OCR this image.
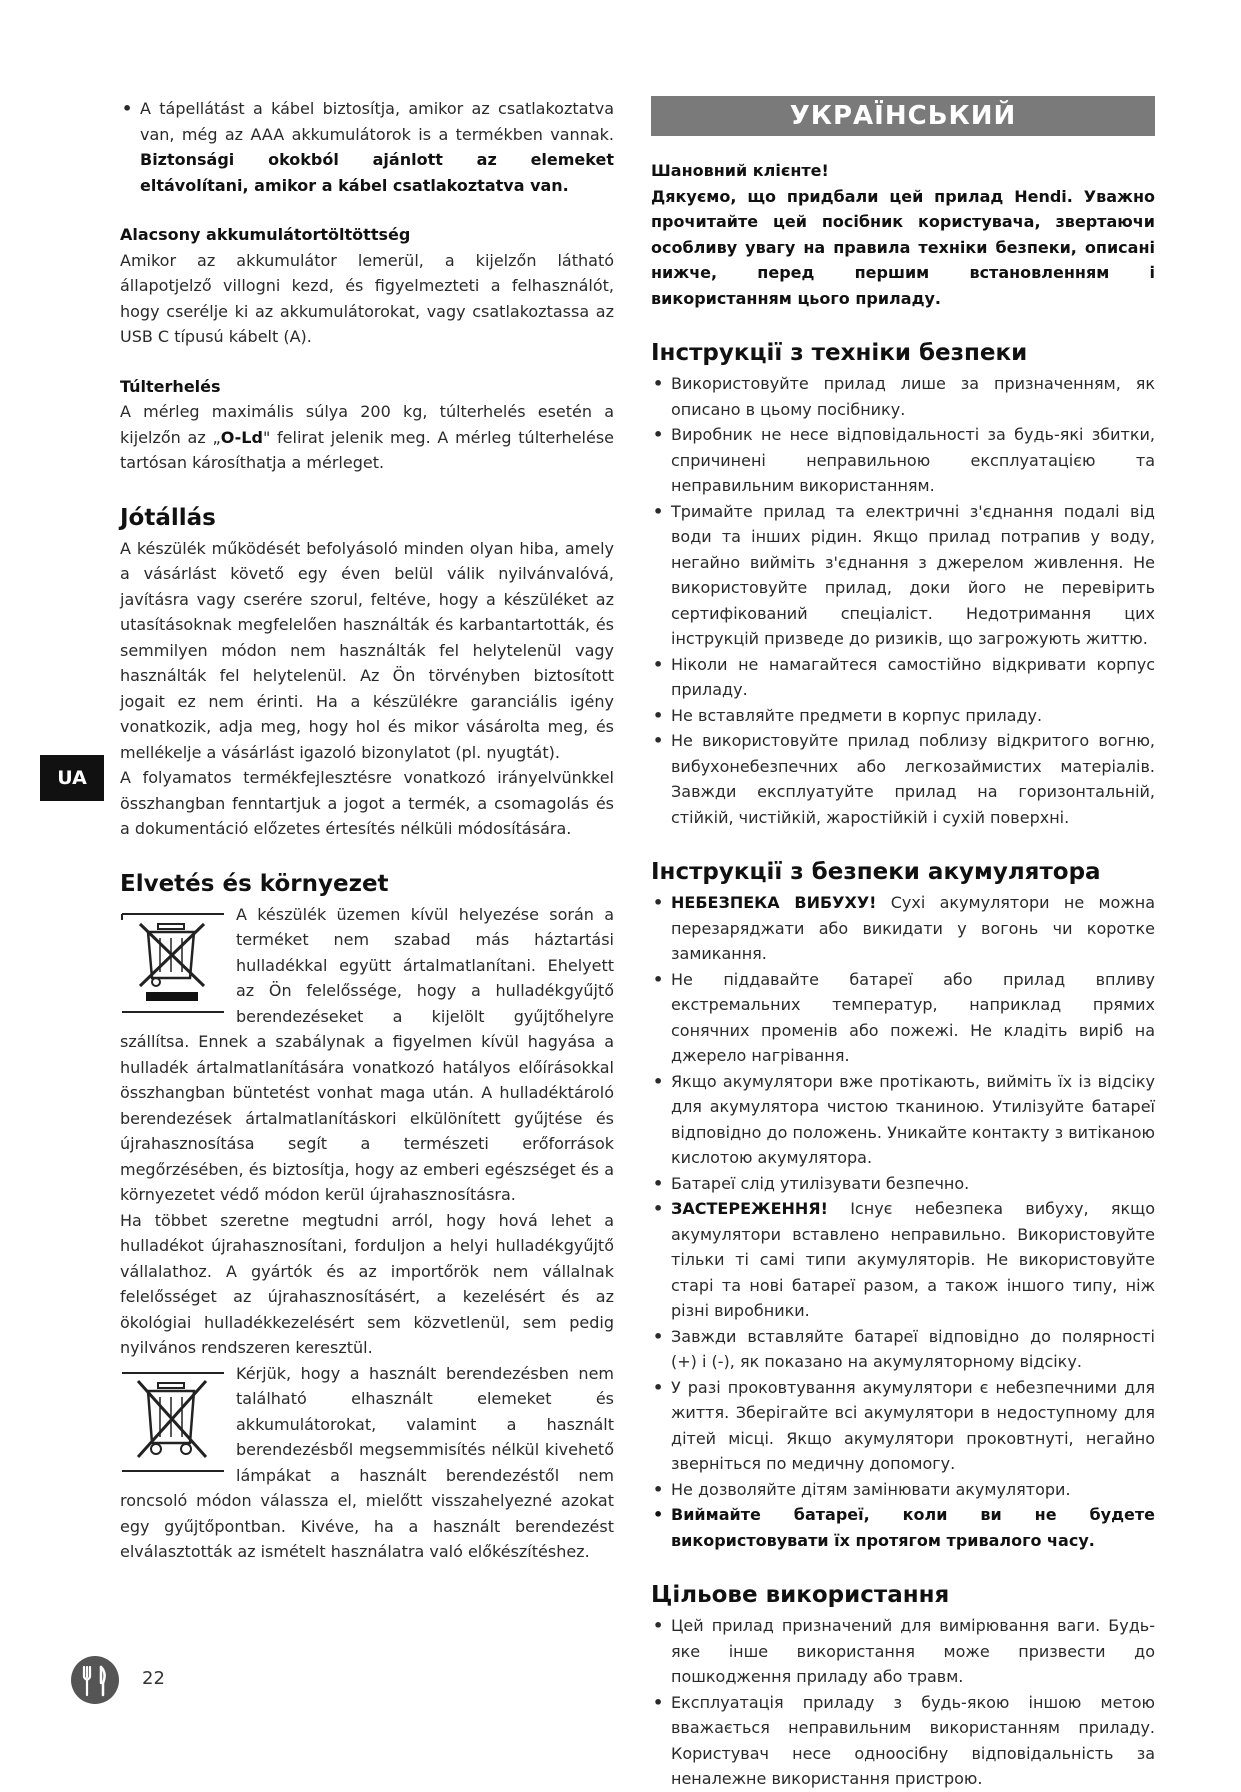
• A tápellátást a kábel biztosítja, amikor az csatlakoztatva van, még az AAA akkumulátorok is a termékben vannak. Biztonsági okokból ajánlott az elemeket eltávolítani, amikor a kábel csatlakoztatva van.

Alacsony akkumulátortöltöttség

Amikor az akkumulátor lemerül, a kijelzőn látható állapotjelző villogni kezd, és figyelmezteti a felhasználót, hogy cserélje ki az akkumulátorokat, vagy csatlakoztassa az USB C típusú kábelt (A).

Túlterhelés

A mérleg maximális súlya 200 kg, túlterhelés esetén a kijelzőn az „O-Ld" felirat jelenik meg. A mérleg túlterhelése tartósan károsíthatja a mérleget.

Jótállás

A készülék működését befolyásoló minden olyan hiba, amely a vásárlást követő egy éven belül válik nyilvánvalóvá, javításra vagy cserére szorul, feltéve, hogy a készüléket az utasításoknak megfelelően használták és karbantartották, és semmilyen módon nem használták fel helytelenül vagy használták fel helytelenül. Az Ön törvényben biztosított jogait ez nem érinti. Ha a készülékre garanciális igény vonatkozik, adja meg, hogy hol és mikor vásárolta meg, és mellékelje a vásárlást igazoló bizonylatot (pl. nyugtát).

A folyamatos termékfejlesztésre vonatkozó irányelvünkkel összhangban fenntartjuk a jogot a termék, a csomagolás és a dokumentáció előzetes értesítés nélküli módosítására.

Elvetés és környezet

A készülék üzemen kívül helyezése során a terméket nem szabad más háztartási hulladékkal együtt ártalmatlanítani. Ehelyett az Ön felelőssége, hogy a hulladékgyűjtő berendezéseket a kijelölt gyűjtőhelyre szállítsa. Ennek a szabálynak a figyelmen kívül hagyása a hulladék ártalmatlanítására vonatkozó hatályos előírásokkal összhangban büntetést vonhat maga után. A hulladéktároló berendezések ártalmatlanításkori elkülönített gyűjtése és újrahasznosítása segít a természeti erőforrások megőrzésében, és biztosítja, hogy az emberi egészséget és a környezetet védő módon kerül újrahasznosításra.

Ha többet szeretne megtudni arról, hogy hová lehet a hulladékot újrahasznosítani, forduljon a helyi hulladékgyűjtő vállalathoz. A gyártók és az importőrök nem vállalnak felelősséget az újrahasznosításért, a kezelésért és az ökológiai hulladékkezelésért sem közvetlenül, sem pedig nyilvános rendszeren keresztül.

Kérjük, hogy a használt berendezésben nem található elhasznált elemeket és akkumulátorokat, valamint a használt berendezésből megsemmisítés nélkül kivehető lámpákat a használt berendezéstől nem roncsoló módon válassza el, mielőtt visszahelyezné azokat egy gyűjtőpontban. Kivéve, ha a használt berendezést elválasztották az ismételt használatra való előkészítéshez.

УКРАЇНСЬКИЙ

Шановний клієнте!

Дякуємо, що придбали цей прилад Hendi. Уважно прочитайте цей посібник користувача, звертаючи особливу увагу на правила техніки безпеки, описані нижче, перед першим встановленням і використанням цього приладу.

Інструкції з техніки безпеки
• Використовуйте прилад лише за призначенням, як описано в цьому посібнику.
• Виробник не несе відповідальності за будь-які збитки, спричинені неправильною експлуатацією та неправильним використанням.
• Тримайте прилад та електричні з'єднання подалі від води та інших рідин. Якщо прилад потрапив у воду, негайно вийміть з'єднання з джерелом живлення. Не використовуйте прилад, доки його не перевірить сертифікований спеціаліст. Недотримання цих інструкцій призведе до ризиків, що загрожують життю.
• Ніколи не намагайтеся самостійно відкривати корпус приладу.
• Не вставляйте предмети в корпус приладу.
• Не використовуйте прилад поблизу відкритого вогню, вибухонебезпечних або легкозаймистих матеріалів. Завжди експлуатуйте прилад на горизонтальній, стійкій, чистійкій, жаростійкій і сухій поверхні.
Інструкції з безпеки акумулятора
• НЕБЕЗПЕКА ВИБУХУ! Сухі акумулятори не можна перезаряджати або викидати у вогонь чи коротке замикання.
• Не піддавайте батареї або прилад впливу екстремальних температур, наприклад прямих сонячних променів або пожежі. Не кладіть виріб на джерело нагрівання.
• Якщо акумулятори вже протікають, вийміть їх із відсіку для акумулятора чистою тканиною. Утилізуйте батареї відповідно до положень. Уникайте контакту з витіканою кислотою акумулятора.
• Батареї слід утилізувати безпечно.
• ЗАСТЕРЕЖЕННЯ! Існує небезпека вибуху, якщо акумулятори вставлено неправильно. Використовуйте тільки ті самі типи акумуляторів. Не використовуйте старі та нові батареї разом, а також іншого типу, ніж різні виробники.
• Завжди вставляйте батареї відповідно до полярності (+) і (-), як показано на акумуляторному відсіку.
• У разі проковтування акумулятори є небезпечними для життя. Зберігайте всі акумулятори в недоступному для дітей місці. Якщо акумулятори проковтнуті, негайно зверніться по медичну допомогу.
• Не дозволяйте дітям замінювати акумулятори.
• Виймайте батареї, коли ви не будете використовувати їх протягом тривалого часу.
Цільове використання
• Цей прилад призначений для вимірювання ваги. Будь-яке інше використання може призвести до пошкодження приладу або травм.
• Експлуатація приладу з будь-якою іншою метою вважається неправильним використанням приладу. Користувач несе одноосібну відповідальність за неналежне використання пристрою.
UA
22
